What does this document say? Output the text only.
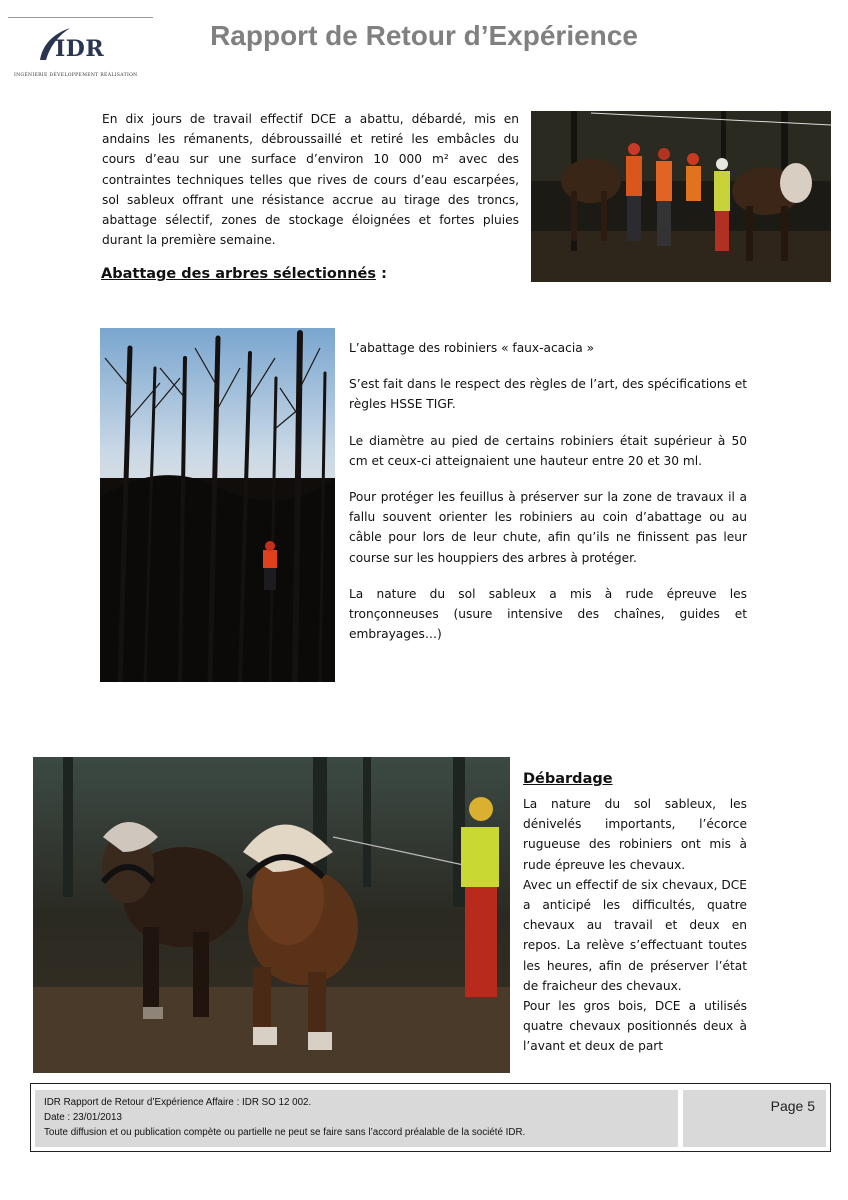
IDR
INGÉNIERIE DÉVELOPPEMENT RÉALISATION
Rapport de Retour d’Expérience

En dix jours de travail effectif DCE a abattu, débardé, mis en andains les rémanents, débroussaillé et retiré les embâcles du cours d’eau sur une surface d’environ 10 000 m² avec des contraintes techniques telles que rives de cours d’eau escarpées, sol sableux offrant une résistance accrue au tirage des troncs, abattage sélectif, zones de stockage éloignées et fortes pluies durant la première semaine.

Abattage des arbres sélectionnés :

L’abattage des robiniers « faux-acacia »

S’est fait dans le respect des règles de l’art, des spécifications et règles HSSE TIGF.

Le diamètre au pied de certains robiniers était supérieur à 50 cm et ceux-ci atteignaient une hauteur entre 20 et 30 ml.

Pour protéger les feuillus à préserver sur la zone de travaux il a fallu souvent orienter les robiniers au coin d’abattage ou au câble pour lors de leur chute, afin qu’ils ne finissent pas leur course sur les houppiers des arbres à protéger.

La nature du sol sableux a mis à rude épreuve les tronçonneuses (usure intensive des chaînes, guides et embrayages…)

Débardage

La nature du sol sableux, les dénivelés importants, l’écorce rugueuse des robiniers ont mis à rude épreuve les chevaux.

Avec un effectif de six chevaux, DCE a anticipé les difficultés, quatre chevaux au travail et deux en repos. La relève s’effectuant toutes les heures, afin de préserver l’état de fraicheur des chevaux.

Pour les gros bois, DCE a utilisés quatre chevaux positionnés deux à l’avant et deux de part

IDR Rapport de Retour d’Expérience Affaire : IDR SO 12 002.
Date : 23/01/2013
Toute diffusion et ou publication compète ou partielle ne peut se faire sans l’accord préalable de la société IDR.
Page 5
